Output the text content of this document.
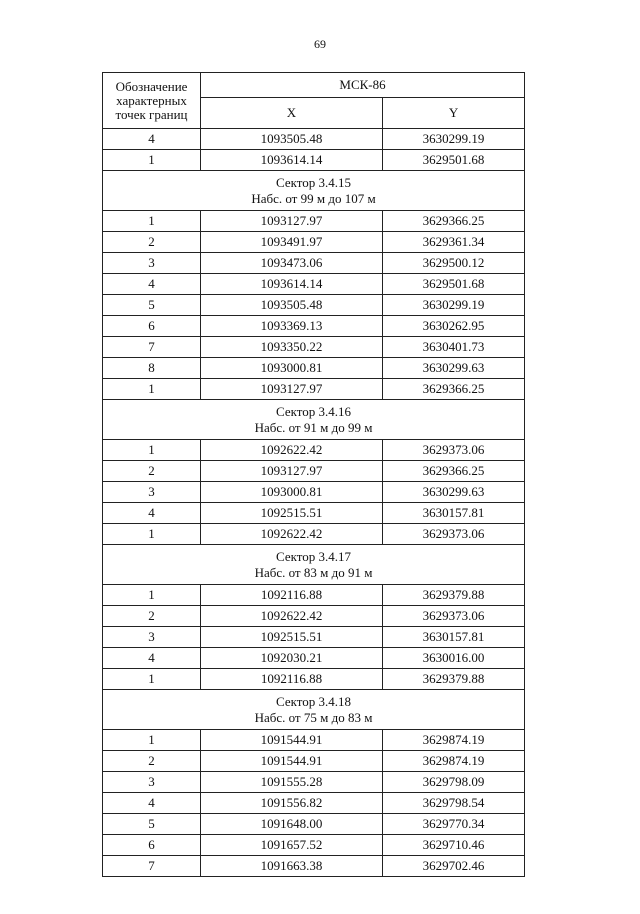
69
Обозначение характерных точек границ	МСК-86	
	X	Y
4	1093505.48	3630299.19
1	1093614.14	3629501.68

Сектор 3.4.15
Набс. от 99 м до 107 м		

1	1093127.97	3629366.25
2	1093491.97	3629361.34
3	1093473.06	3629500.12
4	1093614.14	3629501.68
5	1093505.48	3630299.19
6	1093369.13	3630262.95
7	1093350.22	3630401.73
8	1093000.81	3630299.63
1	1093127.97	3629366.25

Сектор 3.4.16
Набс. от 91 м до 99 м		

1	1092622.42	3629373.06
2	1093127.97	3629366.25
3	1093000.81	3630299.63
4	1092515.51	3630157.81
1	1092622.42	3629373.06

Сектор 3.4.17
Набс. от 83 м до 91 м		

1	1092116.88	3629379.88
2	1092622.42	3629373.06
3	1092515.51	3630157.81
4	1092030.21	3630016.00
1	1092116.88	3629379.88

Сектор 3.4.18
Набс. от 75 м до 83 м		

1	1091544.91	3629874.19
2	1091544.91	3629874.19
3	1091555.28	3629798.09
4	1091556.82	3629798.54
5	1091648.00	3629770.34
6	1091657.52	3629710.46
7	1091663.38	3629702.46
